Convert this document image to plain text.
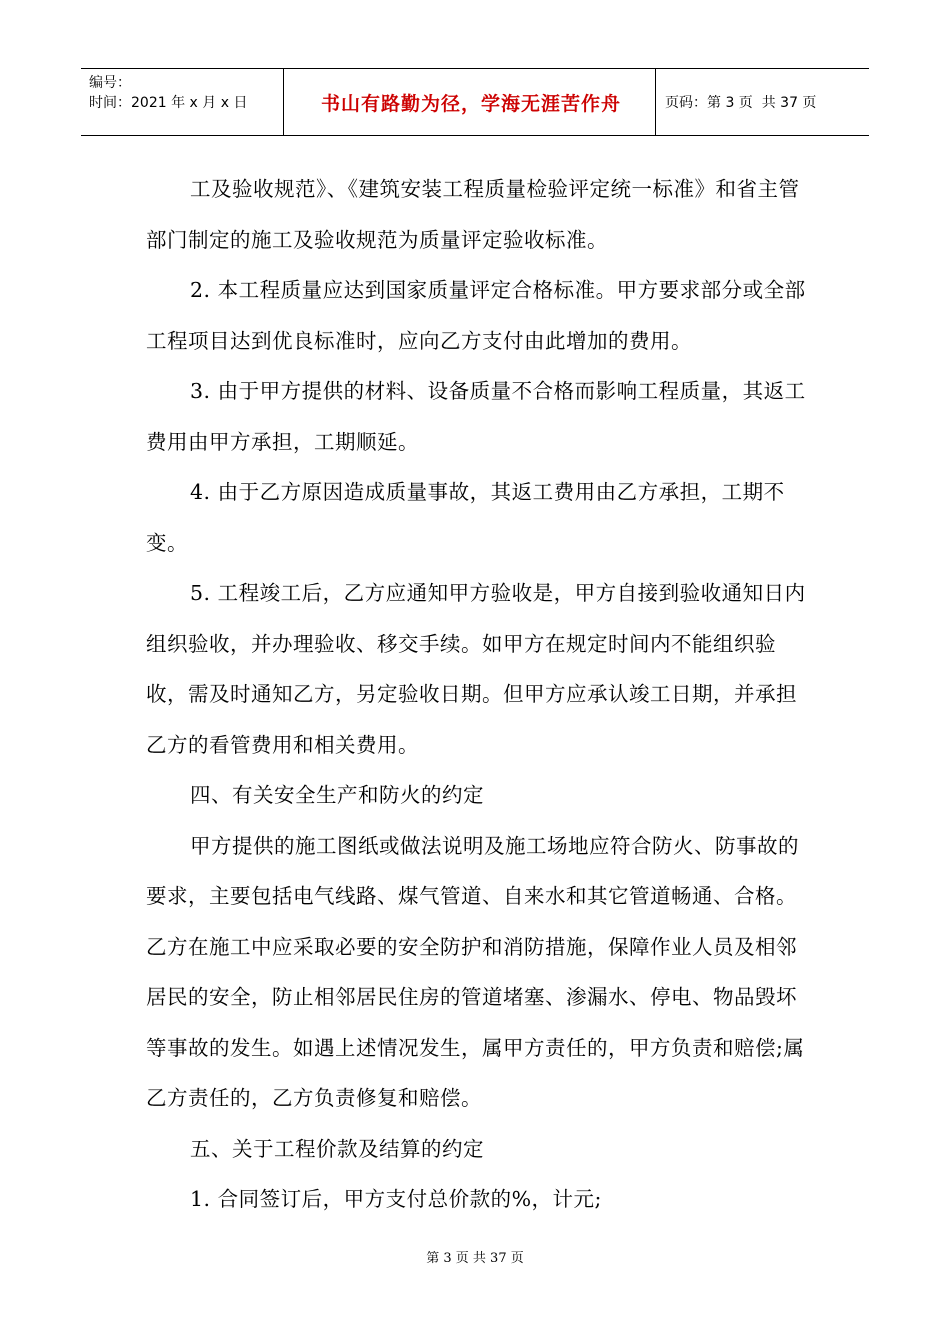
编号：
时间：2021 年 x 月 x 日	书山有路勤为径，学海无涯苦作舟	页码：第 3 页  共 37 页

工及验收规范》、《建筑安装工程质量检验评定统一标准》和省主管部门制定的施工及验收规范为质量评定验收标准。

2. 本工程质量应达到国家质量评定合格标准。甲方要求部分或全部工程项目达到优良标准时，应向乙方支付由此增加的费用。

3. 由于甲方提供的材料、设备质量不合格而影响工程质量，其返工费用由甲方承担，工期顺延。

4. 由于乙方原因造成质量事故，其返工费用由乙方承担，工期不变。

5. 工程竣工后，乙方应通知甲方验收是，甲方自接到验收通知日内组织验收，并办理验收、移交手续。如甲方在规定时间内不能组织验收，需及时通知乙方，另定验收日期。但甲方应承认竣工日期，并承担乙方的看管费用和相关费用。

四、有关安全生产和防火的约定

甲方提供的施工图纸或做法说明及施工场地应符合防火、防事故的要求，主要包括电气线路、煤气管道、自来水和其它管道畅通、合格。乙方在施工中应采取必要的安全防护和消防措施，保障作业人员及相邻居民的安全，防止相邻居民住房的管道堵塞、渗漏水、停电、物品毁坏等事故的发生。如遇上述情况发生，属甲方责任的，甲方负责和赔偿;属乙方责任的，乙方负责修复和赔偿。

五、关于工程价款及结算的约定

1. 合同签订后，甲方支付总价款的%，计元;

第 3 页 共 37 页
